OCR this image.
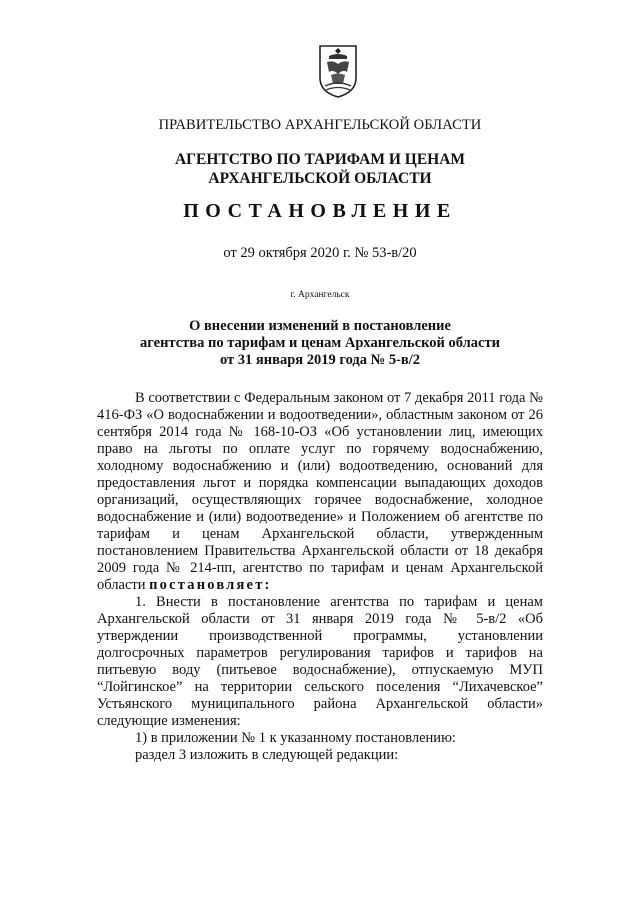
ПРАВИТЕЛЬСТВО АРХАНГЕЛЬСКОЙ ОБЛАСТИ
АГЕНТСТВО ПО ТАРИФАМ И ЦЕНАМ
АРХАНГЕЛЬСКОЙ ОБЛАСТИ
ПОСТАНОВЛЕНИЕ
от 29 октября 2020 г. № 53-в/20
г. Архангельск
О внесении изменений в постановление
агентства по тарифам и ценам Архангельской области
от 31 января 2019 года № 5-в/2

В соответствии с Федеральным законом от 7 декабря 2011 года № 416-ФЗ «О водоснабжении и водоотведении», областным законом от 26 сентября 2014 года № 168-10-ОЗ «Об установлении лиц, имеющих право на льготы по оплате услуг по горячему водоснабжению, холодному водоснабжению и (или) водоотведению, оснований для предоставления льгот и порядка компенсации выпадающих доходов организаций, осуществляющих горячее водоснабжение, холодное водоснабжение и (или) водоотведение» и Положением об агентстве по тарифам и ценам Архангельской области, утвержденным постановлением Правительства Архангельской области от 18 декабря 2009 года № 214-пп, агентство по тарифам и ценам Архангельской области постановляет:

1. Внести в постановление агентства по тарифам и ценам Архангельской области от 31 января 2019 года № 5-в/2 «Об утверждении производственной программы, установлении долгосрочных параметров регулирования тарифов и тарифов на питьевую воду (питьевое водоснабжение), отпускаемую МУП “Лойгинское” на территории сельского поселения “Лихачевское” Устьянского муниципального района Архангельской области» следующие изменения:

1) в приложении № 1 к указанному постановлению:

раздел 3 изложить в следующей редакции:
